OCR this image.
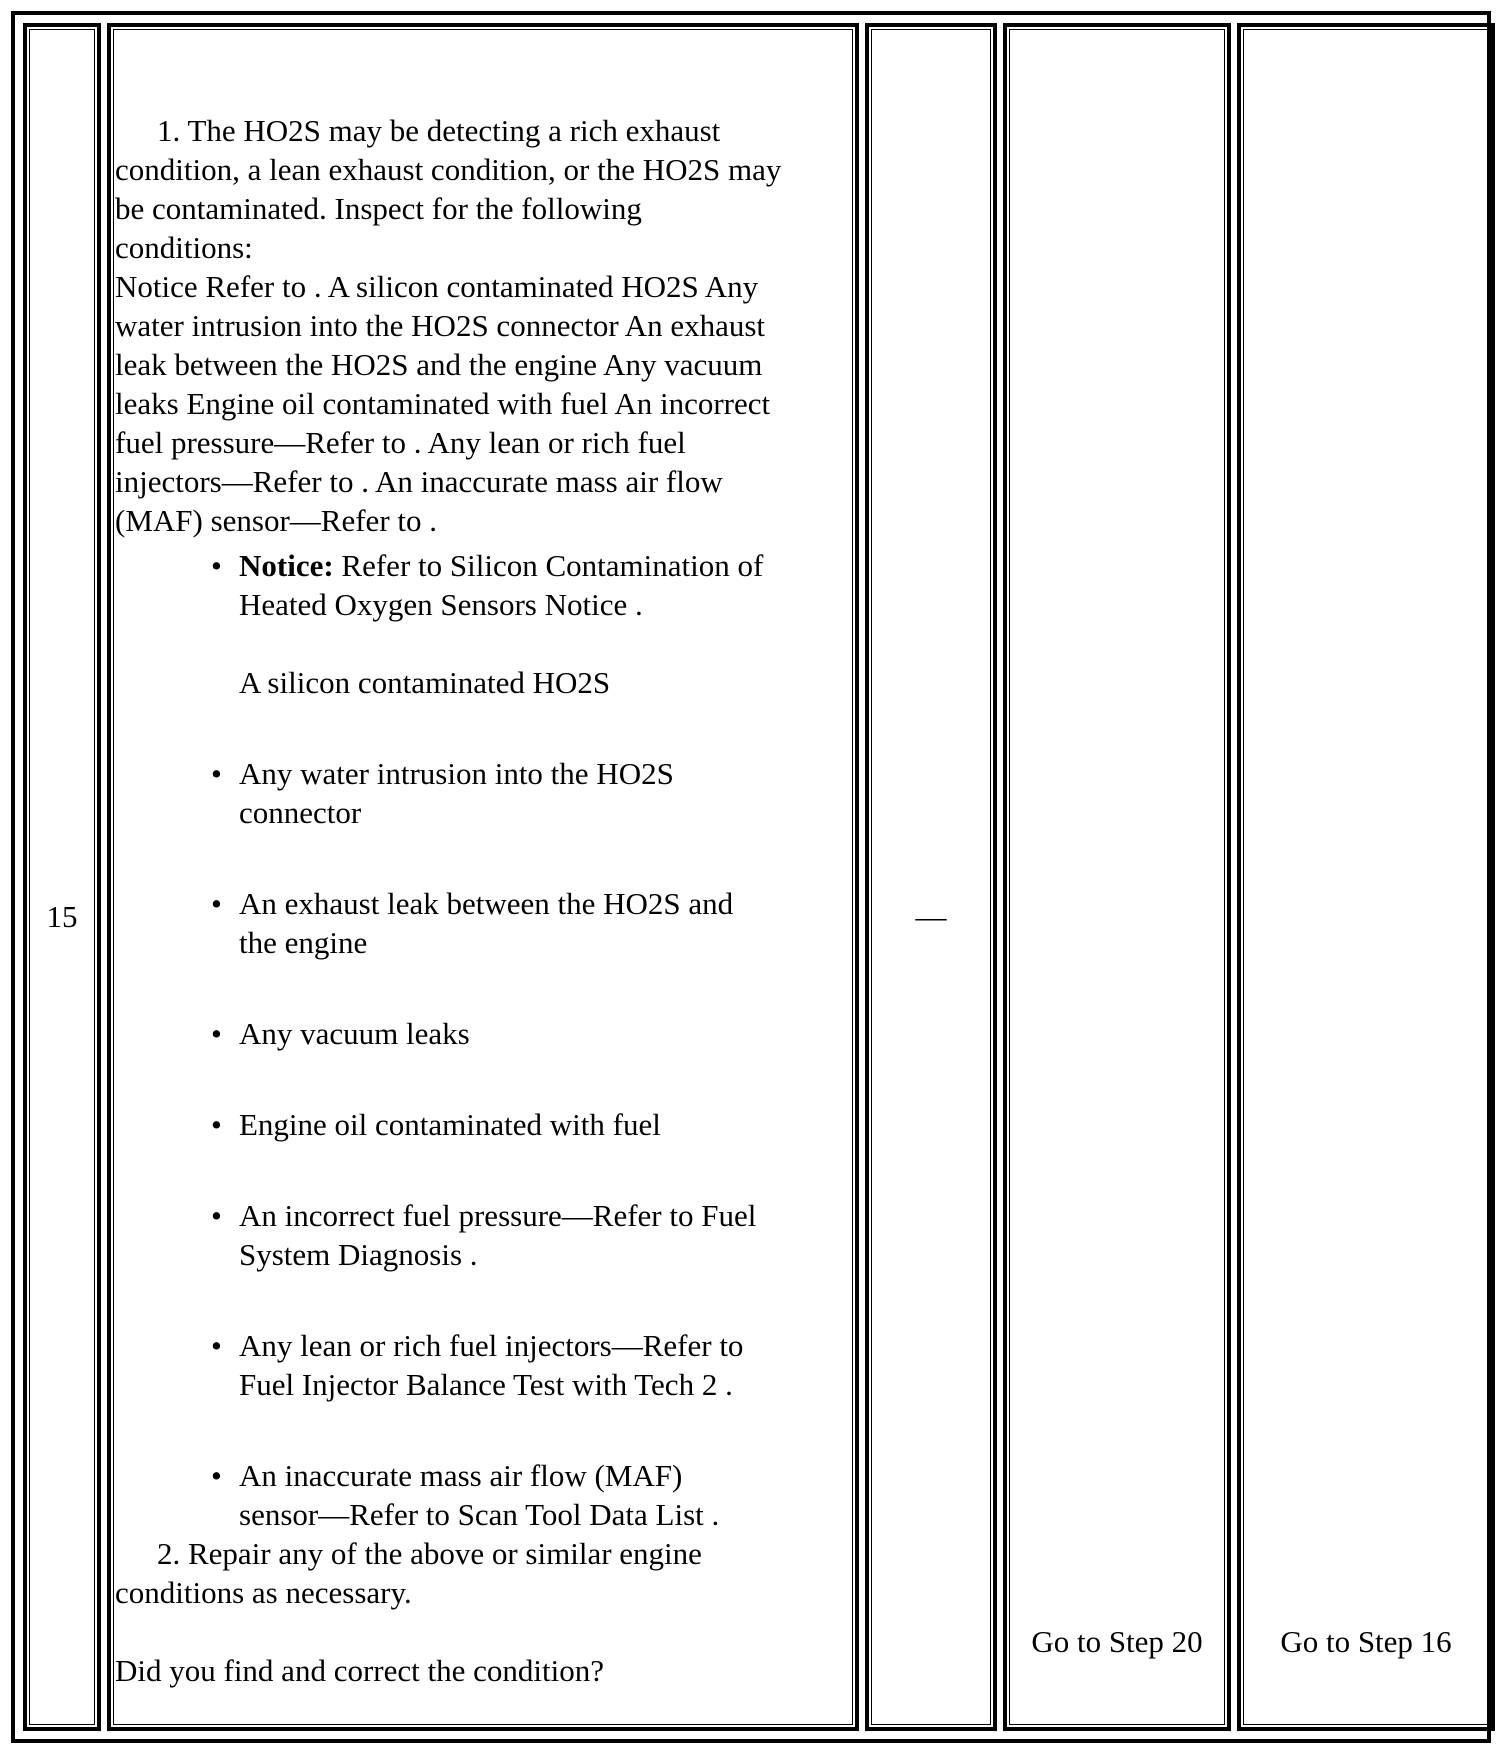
15

1. The HO2S may be detecting a rich exhaust

condition, a lean exhaust condition, or the HO2S may

be contaminated. Inspect for the following

conditions:

Notice Refer to . A silicon contaminated HO2S Any

water intrusion into the HO2S connector An exhaust

leak between the HO2S and the engine Any vacuum

leaks Engine oil contaminated with fuel An incorrect

fuel pressure—Refer to . Any lean or rich fuel

injectors—Refer to . An inaccurate mass air flow

(MAF) sensor—Refer to .

• Notice: Refer to Silicon Contamination of
Heated Oxygen Sensors Notice .
A silicon contaminated HO2S
• Any water intrusion into the HO2S
connector
• An exhaust leak between the HO2S and
the engine
• Any vacuum leaks
• Engine oil contaminated with fuel
• An incorrect fuel pressure—Refer to Fuel
System Diagnosis .
• Any lean or rich fuel injectors—Refer to
Fuel Injector Balance Test with Tech 2 .
• An inaccurate mass air flow (MAF)
sensor—Refer to Scan Tool Data List .

2. Repair any of the above or similar engine

conditions as necessary.

Did you find and correct the condition?

—
Go to Step 20	Go to Step 16
